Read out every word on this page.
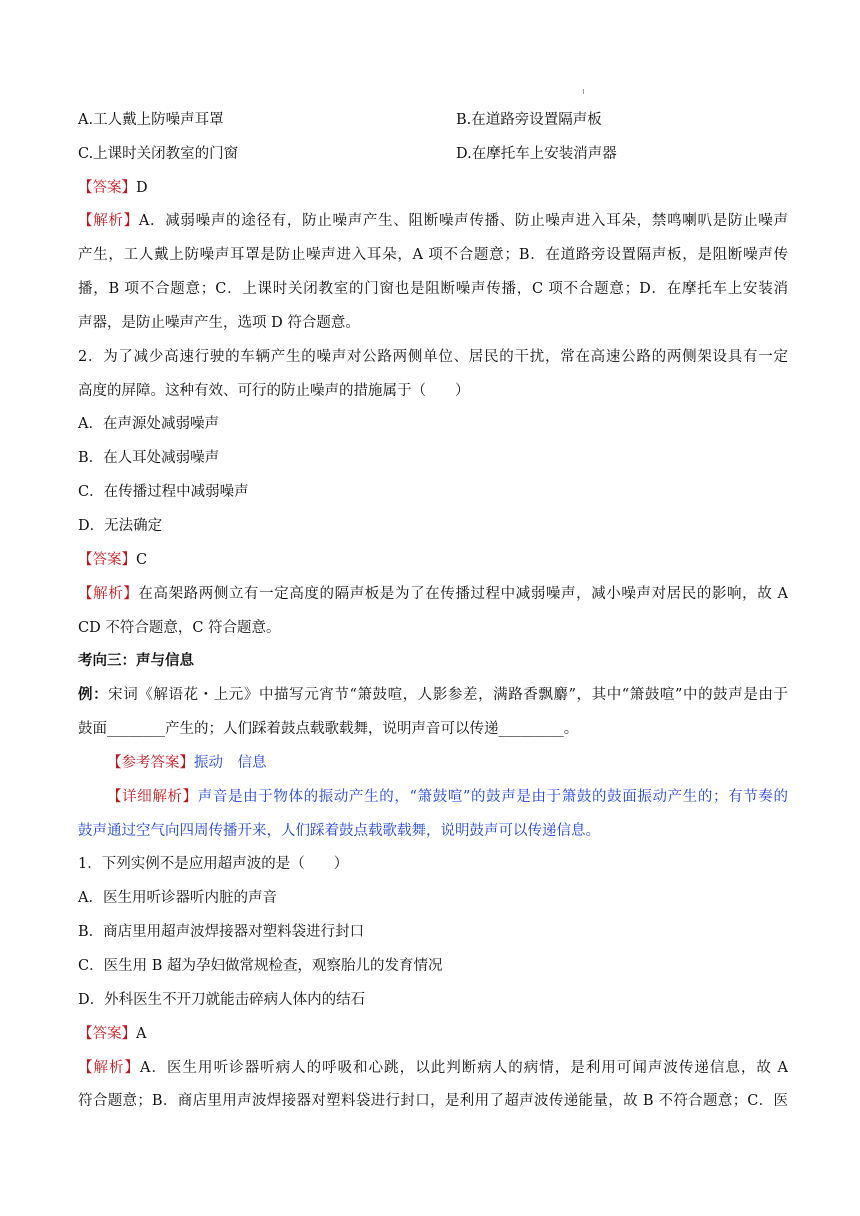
A.工人戴上防噪声耳罩	B.在道路旁设置隔声板
C.上课时关闭教室的门窗	D.在摩托车上安装消声器
【答案】D
【解析】A．减弱噪声的途径有，防止噪声产生、阻断噪声传播、防止噪声进入耳朵，禁鸣喇叭是防止噪声
产生，工人戴上防噪声耳罩是防止噪声进入耳朵，A 项不合题意；B．在道路旁设置隔声板，是阻断噪声传
播，B 项不合题意；C．上课时关闭教室的门窗也是阻断噪声传播，C 项不合题意；D．在摩托车上安装消
声器，是防止噪声产生，选项 D 符合题意。
2．为了减少高速行驶的车辆产生的噪声对公路两侧单位、居民的干扰，常在高速公路的两侧架设具有一定
高度的屏障。这种有效、可行的防止噪声的措施属于（　　）
A．在声源处减弱噪声
B．在人耳处减弱噪声
C．在传播过程中减弱噪声
D．无法确定
【答案】C
【解析】在高架路两侧立有一定高度的隔声板是为了在传播过程中减弱噪声，减小噪声对居民的影响，故 A
CD 不符合题意，C 符合题意。
考向三：声与信息
例：宋词《解语花・上元》中描写元宵节“箫鼓喧，人影参差，满路香飘麝”，其中“箫鼓喧”中的鼓声是由于
鼓面________产生的；人们踩着鼓点载歌载舞，说明声音可以传递_________。
【参考答案】振动　信息
【详细解析】声音是由于物体的振动产生的，“箫鼓喧”的鼓声是由于箫鼓的鼓面振动产生的；有节奏的
鼓声通过空气向四周传播开来，人们踩着鼓点载歌载舞，说明鼓声可以传递信息。
1．下列实例不是应用超声波的是（　　）
A．医生用听诊器听内脏的声音
B．商店里用超声波焊接器对塑料袋进行封口
C．医生用 B 超为孕妇做常规检查，观察胎儿的发育情况
D．外科医生不开刀就能击碎病人体内的结石
【答案】A
【解析】A．医生用听诊器听病人的呼吸和心跳，以此判断病人的病情，是利用可闻声波传递信息，故 A
符合题意；B．商店里用声波焊接器对塑料袋进行封口，是利用了超声波传递能量，故 B 不符合题意；C．医
